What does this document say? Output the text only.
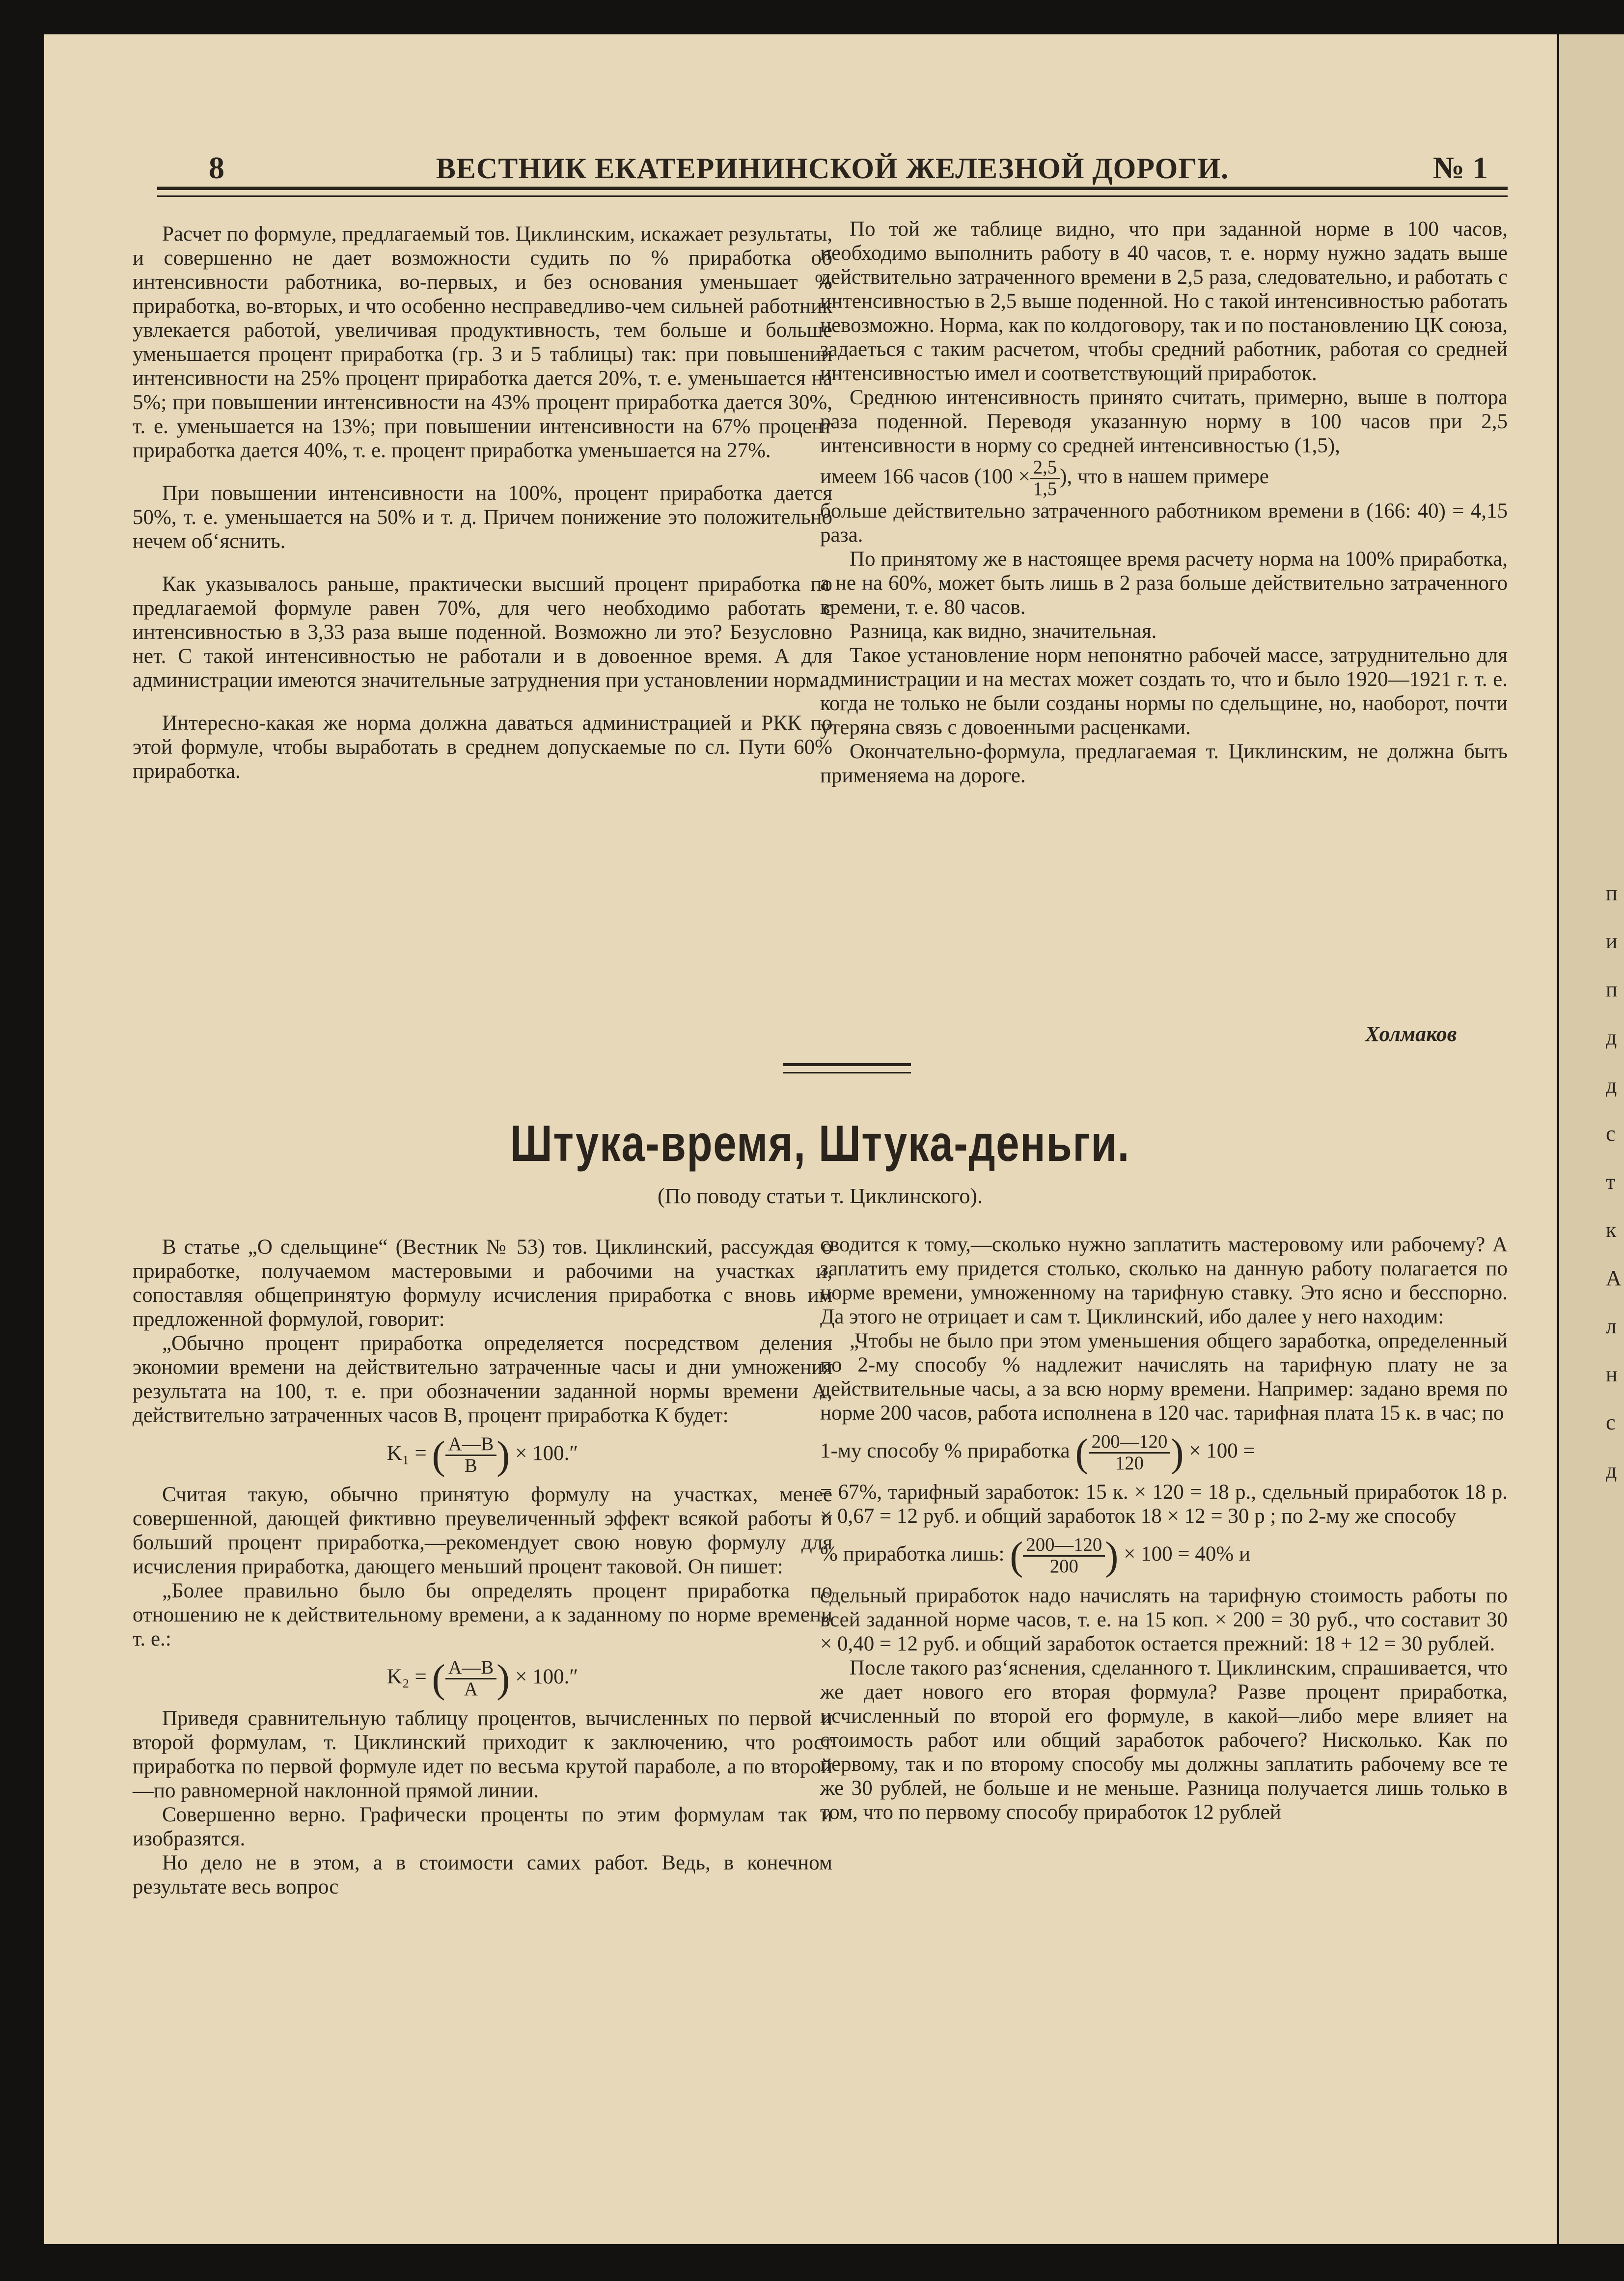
8	ВЕСТНИК ЕКАТЕРИНИНСКОЙ ЖЕЛЕЗНОЙ ДОРОГИ.	№ 1

Расчет по формуле, предлагаемый тов. Циклинским, искажает результаты, и совершенно не дает возможности судить по % приработка об интенсивности работника, во-первых, и без основания уменьшает % приработка, во-вторых, и что особенно несправедливо-чем сильней работник увлекается работой, увеличивая продуктивность, тем больше и больше уменьшается процент приработка (гр. 3 и 5 таблицы) так: при повышении интенсивности на 25% процент приработка дается 20%, т. е. уменьшается на 5%; при повышении интенсивности на 43% процент приработка дается 30%, т. е. уменьшается на 13%; при повышении интенсивности на 67% процент приработка дается 40%, т. е. процент приработка уменьшается на 27%.

При повышении интенсивности на 100%, процент приработка дается 50%, т. е. уменьшается на 50% и т. д. Причем понижение это положительно нечем об‘яснить.

Как указывалось раньше, практически высший процент приработка по предлагаемой формуле равен 70%, для чего необходимо работать с интенсивностью в 3,33 раза выше поденной. Возможно ли это? Безусловно нет. С такой интенсивностью не работали и в довоенное время. А для администрации имеются значительные затруднения при установлении норм.

Интересно-какая же норма должна даваться администрацией и РКК по этой формуле, чтобы выработать в среднем допускаемые по сл. Пути 60% приработка.

По той же таблице видно, что при заданной норме в 100 часов, необходимо выполнить работу в 40 часов, т. е. норму нужно задать выше действительно затраченного времени в 2,5 раза, следовательно, и работать с интенсивностью в 2,5 выше поденной. Но с такой интенсивностью работать невозможно. Норма, как по колдоговору, так и по постановлению ЦК союза, задаеться с таким расчетом, чтобы средний работник, работая со средней интенсивностью имел и соответствующий приработок.

Среднюю интенсивность принято считать, примерно, выше в полтора раза поденной. Переводя указанную норму в 100 часов при 2,5 интенсивности в норму со средней интенсивностью (1,5),

имеем 166 часов ($100 \times \frac{2,5}{1,5}$ ), что в нашем примере

больше действительно затраченного работником времени в (166: 40) = 4,15 раза.

По принятому же в настоящее время расчету норма на 100% приработка, а не на 60%, может быть лишь в 2 раза больше действительно затраченного времени, т. е. 80 часов.

Разница, как видно, значительная.

Такое установление норм непонятно рабочей массе, затруднительно для администрации и на местах может создать то, что и было 1920—1921 г. т. е. когда не только не были созданы нормы по сдельщине, но, наоборот, почти утеряна связь с довоенными расценками.

Окончательно-формула, предлагаемая т. Циклинским, не должна быть применяема на дороге.

Холмаков
Штука-время, Штука-деньги.
(По поводу статьи т. Циклинского).

В статье „О сдельщине“ (Вестник № 53) тов. Циклинский, рассуждая о приработке, получаемом мастеровыми и рабочими на участках и, сопоставляя общепринятую формулу исчисления приработка с вновь им предложенной формулой, говорит:

„Обычно процент приработка определяется посредством деления экономии времени на действительно затраченные часы и дни умножения результата на 100, т. е. при обозначении заданной нормы времени А, действительно затраченных часов В, процент приработка К будет:

K₁ = ( $\frac{А—В}{В}$ ) × 100.″

Считая такую, обычно принятую формулу на участках, менее совершенной, дающей фиктивно преувеличенный эффект всякой работы и больший процент приработка,—рекомендует свою новую формулу для исчисления приработка, дающего меньший процент таковой. Он пишет:

„Более правильно было бы определять процент приработка по отношению не к действительному времени, а к заданному по норме времени т. е.:

K₂ = ( $\frac{А—В}{А}$ ) × 100.″

Приведя сравнительную таблицу процентов, вычисленных по первой и второй формулам, т. Циклинский приходит к заключению, что рост приработка по первой формуле идет по весьма крутой параболе, а по второй—по равномерной наклонной прямой линии.

Совершенно верно. Графически проценты по этим формулам так и изобразятся.

Но дело не в этом, а в стоимости самих работ. Ведь, в конечном результате весь вопрос

сводится к тому,—сколько нужно заплатить мастеровому или рабочему? А заплатить ему придется столько, сколько на данную работу полагается по норме времени, умноженному на тарифную ставку. Это ясно и бесспорно. Да этого не отрицает и сам т. Циклинский, ибо далее у него находим:

„Чтобы не было при этом уменьшения общего заработка, определенный по 2-му способу % надлежит начислять на тарифную плату не за действительные часы, а за всю норму времени. Например: задано время по норме 200 часов, работа исполнена в 120 час. тарифная плата 15 к. в час; по

1-му способу % приработка ( $\frac{200—120}{120}$ ) × 100 =

= 67%, тарифный заработок: 15 к. × 120 = 18 р., сдельный приработок 18 р. × 0,67 = 12 руб. и общий заработок 18 × 12 = 30 р ; по 2-му же способу

% приработка лишь: ( $\frac{200—120}{200}$ ) × 100 = 40% и

сдельный приработок надо начислять на тарифную стоимость работы по всей заданной норме часов, т. е. на 15 коп. × 200 = 30 руб., что составит 30 × 0,40 = 12 руб. и общий заработок остается прежний: 18 + 12 = 30 рублей.

После такого раз‘яснения, сделанного т. Циклинским, спрашивается, что же дает нового его вторая формула? Разве процент приработка, исчисленный по второй его формуле, в какой—либо мере влияет на стоимость работ или общий заработок рабочего? Нисколько. Как по первому, так и по второму способу мы должны заплатить рабочему все те же 30 рублей, не больше и не меньше. Разница получается лишь только в том, что по первому способу приработок 12 рублей

п
и
п
д
д
с
т
к
А
л
н
с
д
